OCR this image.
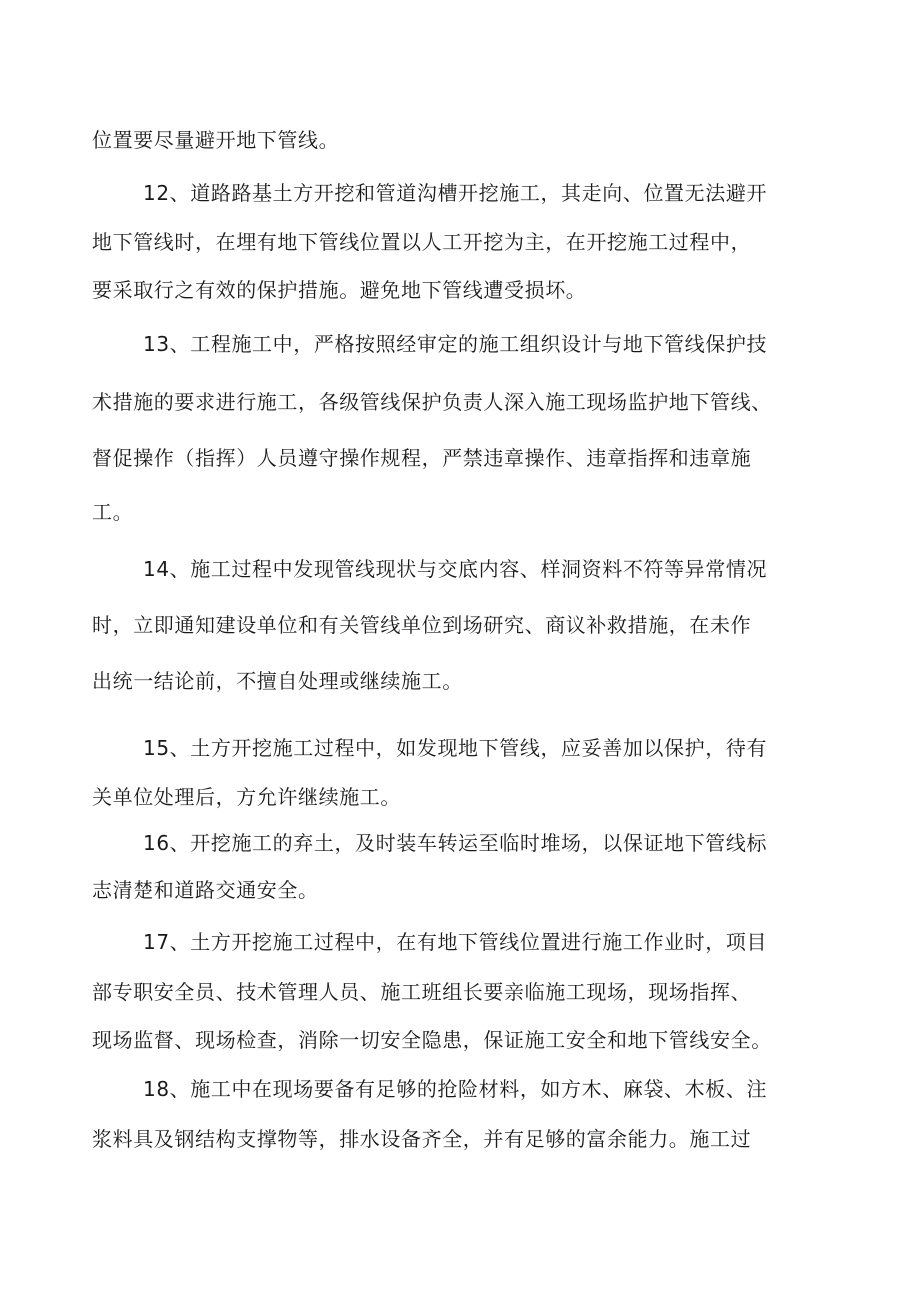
位置要尽量避开地下管线。
12、道路路基土方开挖和管道沟槽开挖施工，其走向、位置无法避开
地下管线时，在埋有地下管线位置以人工开挖为主，在开挖施工过程中，
要采取行之有效的保护措施。避免地下管线遭受损坏。
13、工程施工中，严格按照经审定的施工组织设计与地下管线保护技
术措施的要求进行施工，各级管线保护负责人深入施工现场监护地下管线、
督促操作（指挥）人员遵守操作规程，严禁违章操作、违章指挥和违章施
工。
14、施工过程中发现管线现状与交底内容、样洞资料不符等异常情况
时，立即通知建设单位和有关管线单位到场研究、商议补救措施，在未作
出统一结论前，不擅自处理或继续施工。
15、土方开挖施工过程中，如发现地下管线，应妥善加以保护，待有
关单位处理后，方允许继续施工。
16、开挖施工的弃土，及时装车转运至临时堆场，以保证地下管线标
志清楚和道路交通安全。
17、土方开挖施工过程中，在有地下管线位置进行施工作业时，项目
部专职安全员、技术管理人员、施工班组长要亲临施工现场，现场指挥、
现场监督、现场检查，消除一切安全隐患，保证施工安全和地下管线安全。
18、施工中在现场要备有足够的抢险材料，如方木、麻袋、木板、注
浆料具及钢结构支撑物等，排水设备齐全，并有足够的富余能力。施工过
